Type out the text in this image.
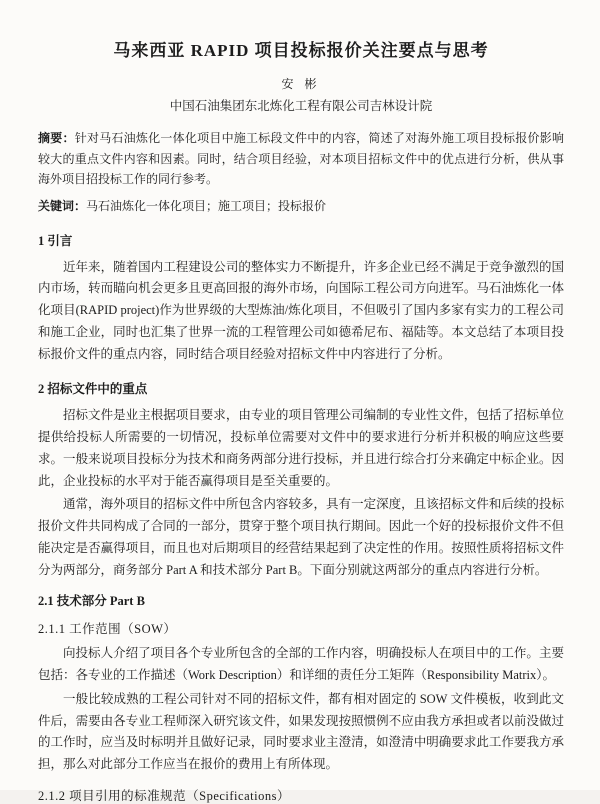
马来西亚 RAPID 项目投标报价关注要点与思考
安 彬
中国石油集团东北炼化工程有限公司吉林设计院

摘要：针对马石油炼化一体化项目中施工标段文件中的内容，简述了对海外施工项目投标报价影响较大的重点文件内容和因素。同时，结合项目经验，对本项目招标文件中的优点进行分析，供从事海外项目招投标工作的同行参考。

关键词：马石油炼化一体化项目；施工项目；投标报价

1 引言

近年来，随着国内工程建设公司的整体实力不断提升，许多企业已经不满足于竞争激烈的国内市场，转而瞄向机会更多且更高回报的海外市场，向国际工程公司方向进军。马石油炼化一体化项目(RAPID project)作为世界级的大型炼油/炼化项目，不但吸引了国内多家有实力的工程公司和施工企业，同时也汇集了世界一流的工程管理公司如德希尼布、福陆等。本文总结了本项目投标报价文件的重点内容，同时结合项目经验对招标文件中内容进行了分析。

2 招标文件中的重点

招标文件是业主根据项目要求，由专业的项目管理公司编制的专业性文件，包括了招标单位提供给投标人所需要的一切情况，投标单位需要对文件中的要求进行分析并积极的响应这些要求。一般来说项目投标分为技术和商务两部分进行投标，并且进行综合打分来确定中标企业。因此，企业投标的水平对于能否赢得项目是至关重要的。

通常，海外项目的招标文件中所包含内容较多，具有一定深度，且该招标文件和后续的投标报价文件共同构成了合同的一部分，贯穿于整个项目执行期间。因此一个好的投标报价文件不但能决定是否赢得项目，而且也对后期项目的经营结果起到了决定性的作用。按照性质将招标文件分为两部分，商务部分 Part A 和技术部分 Part B。下面分别就这两部分的重点内容进行分析。

2.1 技术部分 Part B
2.1.1 工作范围（SOW）

向投标人介绍了项目各个专业所包含的全部的工作内容，明确投标人在项目中的工作。主要包括：各专业的工作描述（Work Description）和详细的责任分工矩阵（Responsibility Matrix）。

一般比较成熟的工程公司针对不同的招标文件，都有相对固定的 SOW 文件模板，收到此文件后，需要由各专业工程师深入研究该文件，如果发现按照惯例不应由我方承担或者以前没做过的工作时，应当及时标明并且做好记录，同时要求业主澄清，如澄清中明确要求此工作要我方承担，那么对此部分工作应当在报价的费用上有所体现。

2.1.2 项目引用的标准规范（Specifications）
